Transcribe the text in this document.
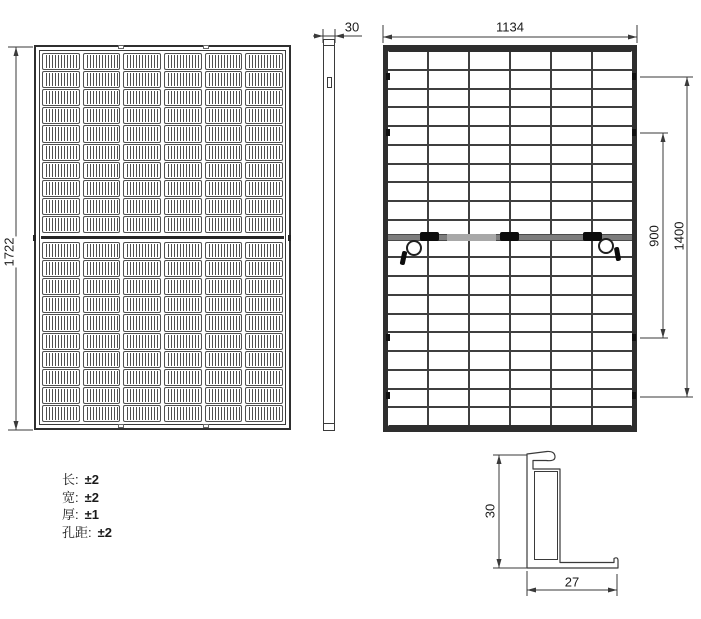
1722
30	1134
900 1400
30
27
长: ±2
宽: ±2
厚: ±1
孔距: ±2
